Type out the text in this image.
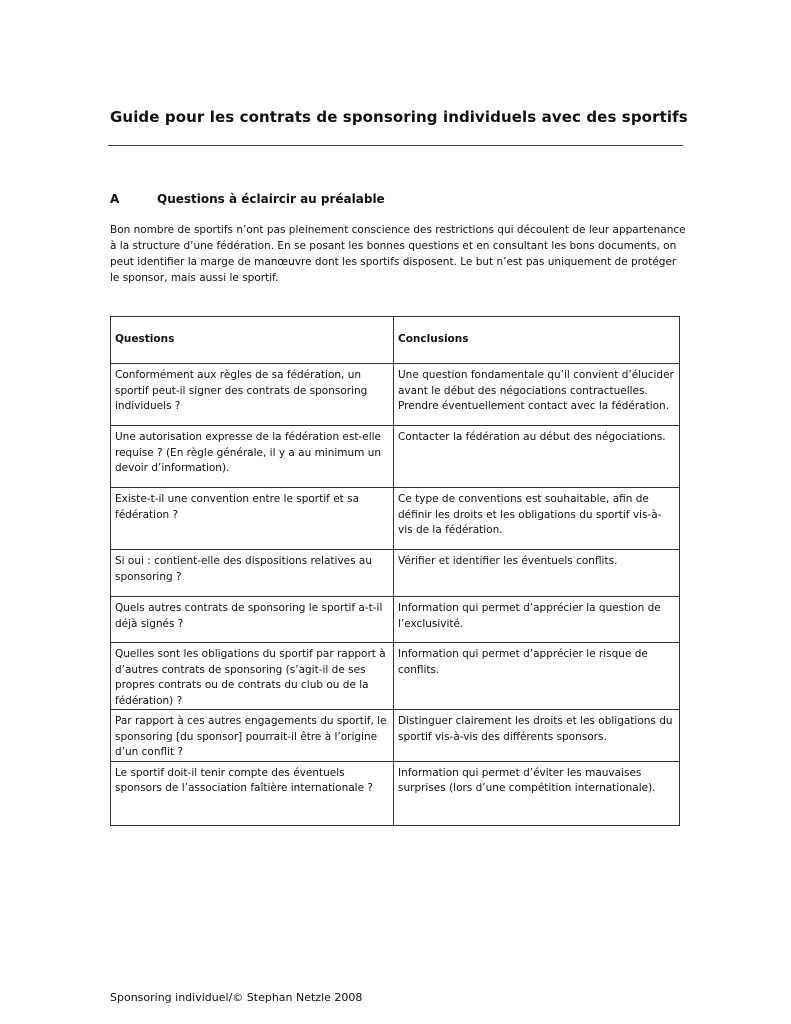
Guide pour les contrats de sponsoring individuels avec des sportifs
A	Questions à éclaircir au préalable
Bon nombre de sportifs n’ont pas pleinement conscience des restrictions qui découlent de leur appartenance
à la structure d’une fédération. En se posant les bonnes questions et en consultant les bons documents, on
peut identifier la marge de manœuvre dont les sportifs disposent. Le but n’est pas uniquement de protéger
le sponsor, mais aussi le sportif.
Questions	Conclusions
Conformément aux règles de sa fédération, un sportif peut-il signer des contrats de sponsoring individuels ?	Une question fondamentale qu’il convient d’élucider avant le début des négociations contractuelles. Prendre éventuellement contact avec la fédération.
Une autorisation expresse de la fédération est-elle requise ? (En règle générale, il y a au minimum un devoir d’information).	Contacter la fédération au début des négociations.
Existe-t-il une convention entre le sportif et sa fédération ?	Ce type de conventions est souhaitable, afin de définir les droits et les obligations du sportif vis-à-vis de la fédération.
Si oui : contient-elle des dispositions relatives au sponsoring ?	Vérifier et identifier les éventuels conflits.
Quels autres contrats de sponsoring le sportif a-t-il déjà signés ?	Information qui permet d’apprécier la question de l’exclusivité.
Quelles sont les obligations du sportif par rapport à d’autres contrats de sponsoring (s’agit-il de ses propres contrats ou de contrats du club ou de la fédération) ?	Information qui permet d’apprécier le risque de conflits.
Par rapport à ces autres engagements du sportif, le sponsoring [du sponsor] pourrait-il être à l’origine d’un conflit ?	Distinguer clairement les droits et les obligations du sportif vis-à-vis des différents sponsors.
Le sportif doit-il tenir compte des éventuels sponsors de l’association faîtière internationale ?	Information qui permet d’éviter les mauvaises surprises (lors d’une compétition internationale).
Sponsoring individuel/© Stephan Netzle 2008
